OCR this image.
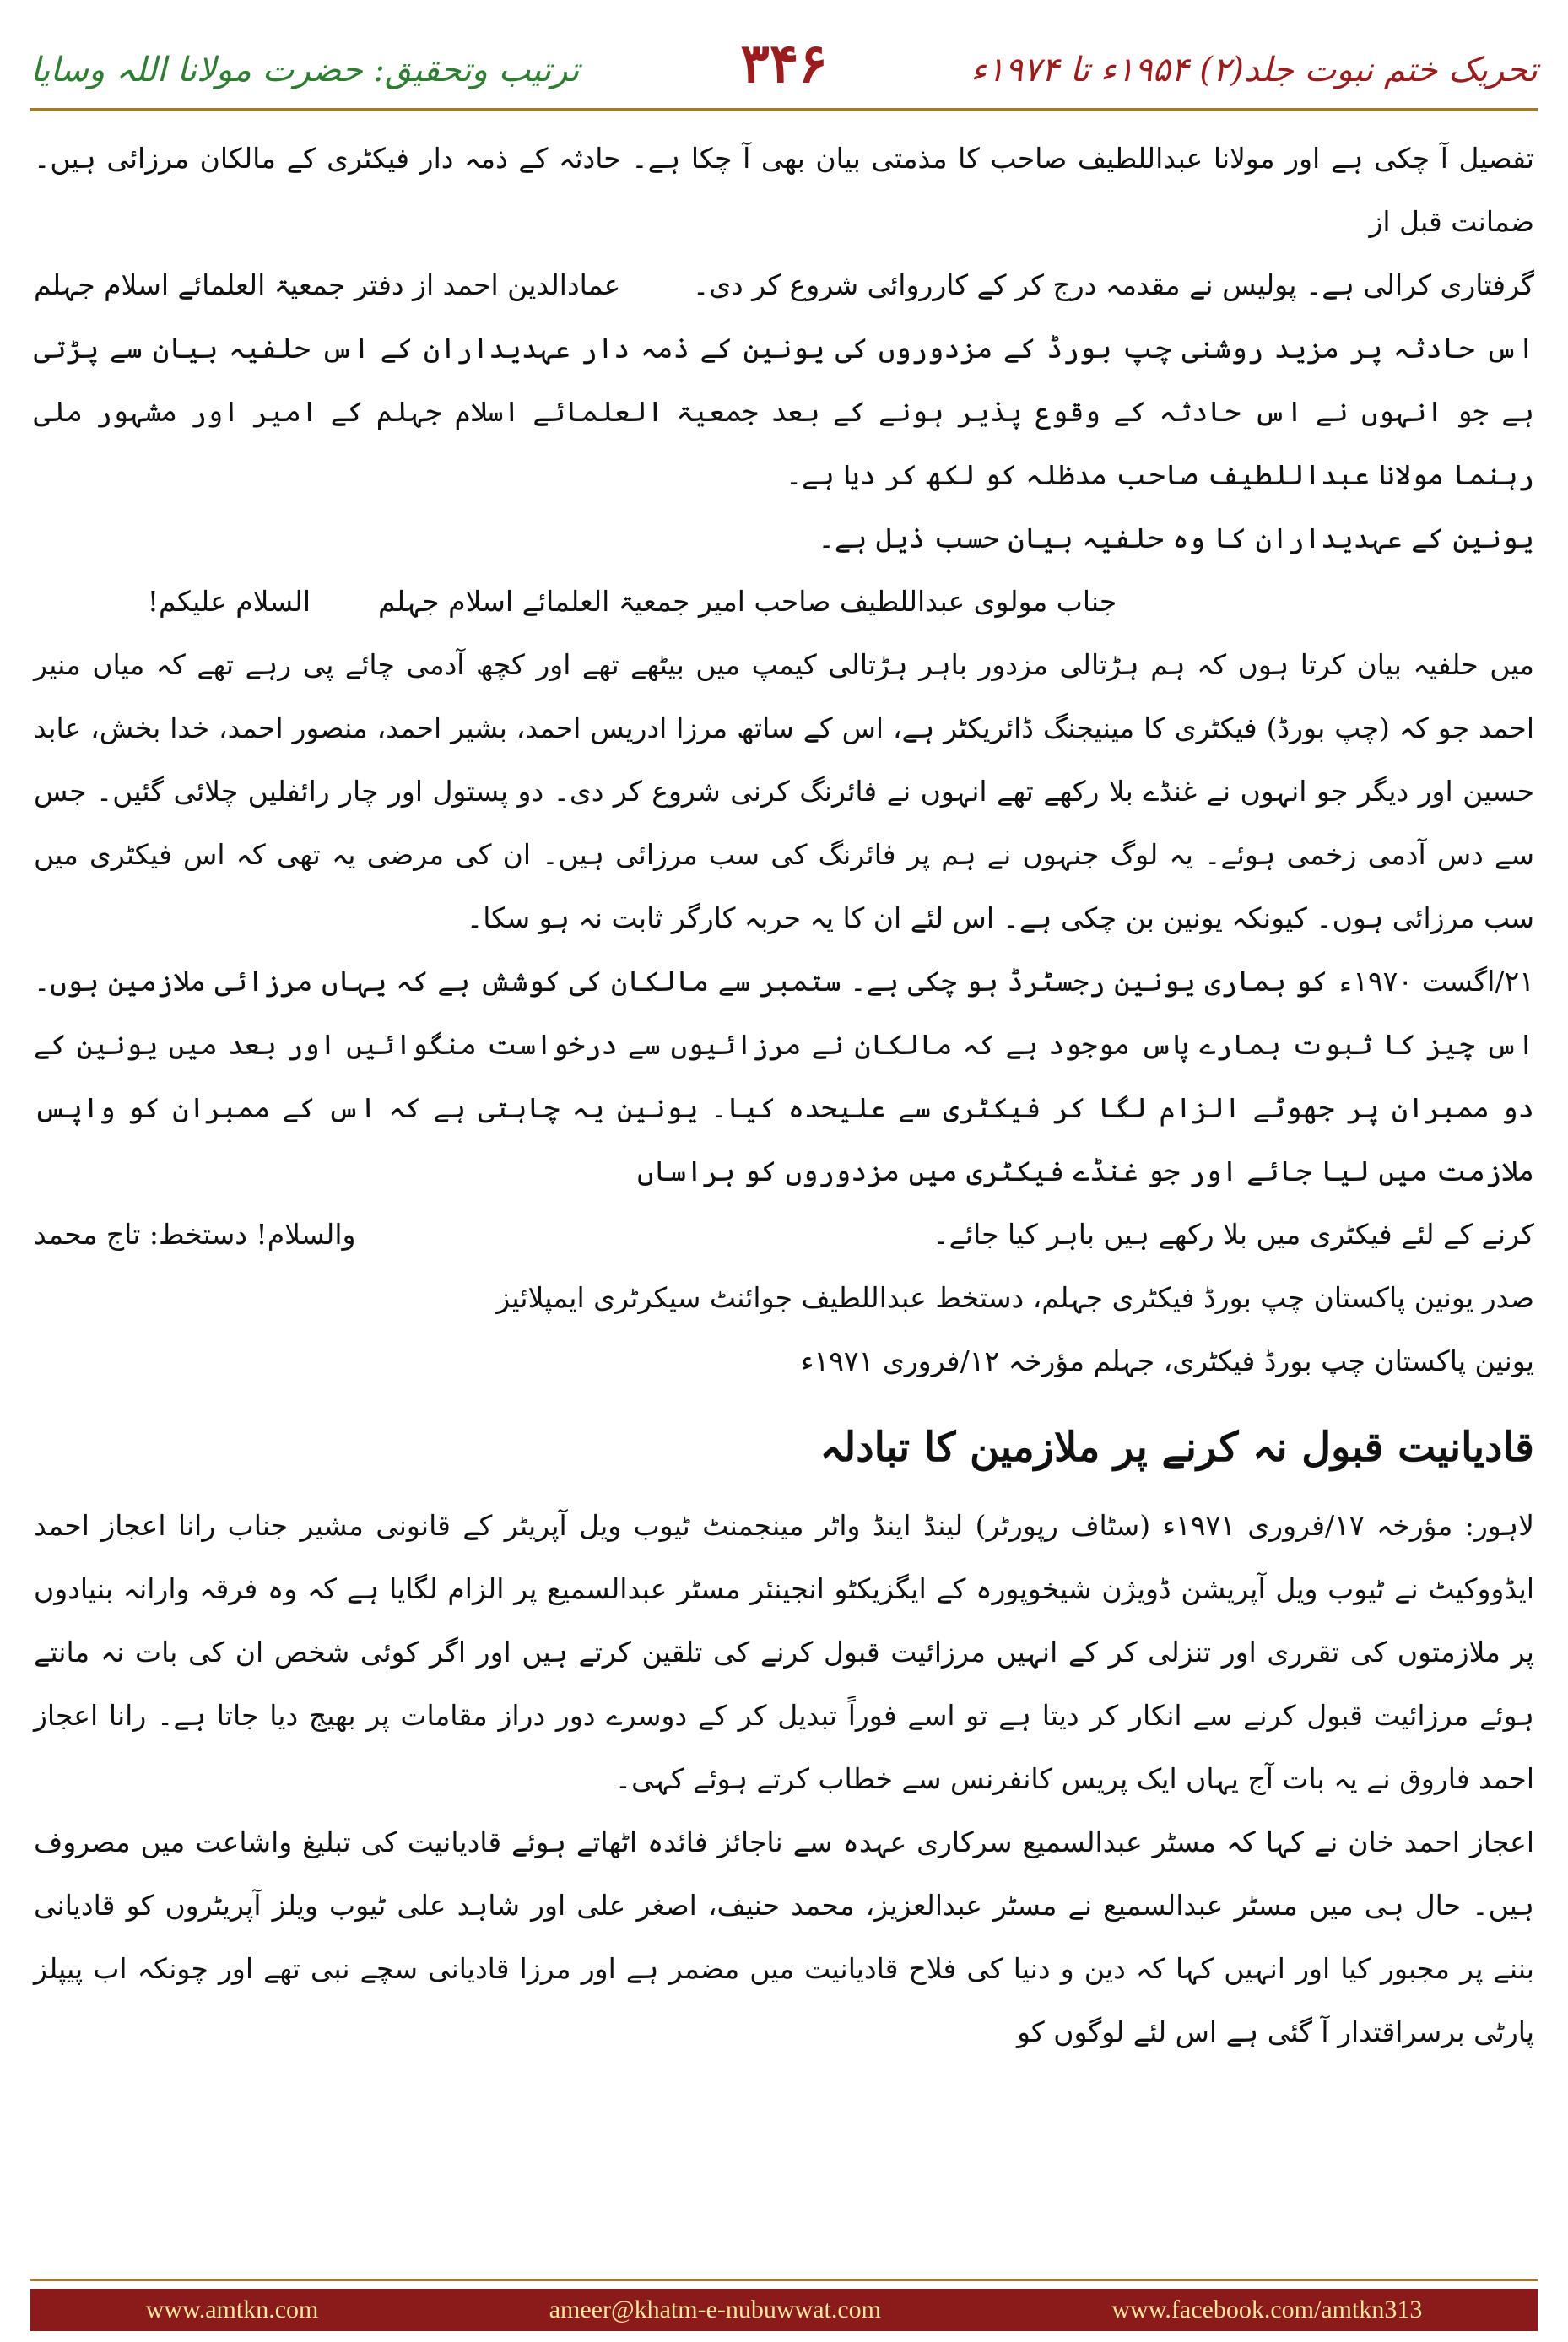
تحریک ختم نبوت جلد(۲) ۱۹۵۴ء تا ۱۹۷۴ء
۳۴۶
ترتیب وتحقیق: حضرت مولانا اللہ وسایا

تفصیل آ چکی ہے اور مولانا عبداللطیف صاحب کا مذمتی بیان بھی آ چکا ہے۔ حادثہ کے ذمہ دار فیکٹری کے مالکان مرزائی ہیں۔ ضمانت قبل از

گرفتاری کرالی ہے۔ پولیس نے مقدمہ درج کر کے کارروائی شروع کر دی۔
عمادالدین احمد از دفتر جمعیۃ العلمائے اسلام جہلم

اس حادثہ پر مزید روشنی چپ بورڈ کے مزدوروں کی یونین کے ذمہ دار عہدیداران کے اس حلفیہ بیان سے پڑتی ہے جو انہوں نے اس حادثہ کے وقوع پذیر ہونے کے بعد جمعیۃ العلمائے اسلام جہلم کے امیر اور مشہور ملی رہنما مولانا عبداللطیف صاحب مدظلہ کو لکھ کر دیا ہے۔

یونین کے عہدیداران کا وہ حلفیہ بیان حسب ذیل ہے۔

جناب مولوی عبداللطیف صاحب امیر جمعیۃ العلمائے اسلام جہلم
السلام علیکم!

میں حلفیہ بیان کرتا ہوں کہ ہم ہڑتالی مزدور باہر ہڑتالی کیمپ میں بیٹھے تھے اور کچھ آدمی چائے پی رہے تھے کہ میاں منیر احمد جو کہ (چپ بورڈ) فیکٹری کا مینیجنگ ڈائریکٹر ہے، اس کے ساتھ مرزا ادریس احمد، بشیر احمد، منصور احمد، خدا بخش، عابد حسین اور دیگر جو انہوں نے غنڈے بلا رکھے تھے انہوں نے فائرنگ کرنی شروع کر دی۔ دو پستول اور چار رائفلیں چلائی گئیں۔ جس سے دس آدمی زخمی ہوئے۔ یہ لوگ جنہوں نے ہم پر فائرنگ کی سب مرزائی ہیں۔ ان کی مرضی یہ تھی کہ اس فیکٹری میں سب مرزائی ہوں۔ کیونکہ یونین بن چکی ہے۔ اس لئے ان کا یہ حربہ کارگر ثابت نہ ہو سکا۔

۲۱/اگست ۱۹۷۰ء کو ہماری یونین رجسٹرڈ ہو چکی ہے۔ ستمبر سے مالکان کی کوشش ہے کہ یہاں مرزائی ملازمین ہوں۔ اس چیز کا ثبوت ہمارے پاس موجود ہے کہ مالکان نے مرزائیوں سے درخواست منگوائیں اور بعد میں یونین کے دو ممبران پر جھوٹے الزام لگا کر فیکٹری سے علیحدہ کیا۔ یونین یہ چاہتی ہے کہ اس کے ممبران کو واپس ملازمت میں لیا جائے اور جو غنڈے فیکٹری میں مزدوروں کو ہراساں

کرنے کے لئے فیکٹری میں بلا رکھے ہیں باہر کیا جائے۔
والسلام! دستخط: تاج محمد

صدر یونین پاکستان چپ بورڈ فیکٹری جہلم، دستخط عبداللطیف جوائنٹ سیکرٹری ایمپلائیز

یونین پاکستان چپ بورڈ فیکٹری، جہلم مؤرخہ ۱۲/فروری ۱۹۷۱ء

قادیانیت قبول نہ کرنے پر ملازمین کا تبادلہ

لاہور: مؤرخہ ۱۷/فروری ۱۹۷۱ء (سٹاف رپورٹر) لینڈ اینڈ واٹر مینجمنٹ ٹیوب ویل آپریٹر کے قانونی مشیر جناب رانا اعجاز احمد ایڈووکیٹ نے ٹیوب ویل آپریشن ڈویژن شیخوپورہ کے ایگزیکٹو انجینئر مسٹر عبدالسمیع پر الزام لگایا ہے کہ وہ فرقہ وارانہ بنیادوں پر ملازمتوں کی تقرری اور تنزلی کر کے انہیں مرزائیت قبول کرنے کی تلقین کرتے ہیں اور اگر کوئی شخص ان کی بات نہ مانتے ہوئے مرزائیت قبول کرنے سے انکار کر دیتا ہے تو اسے فوراً تبدیل کر کے دوسرے دور دراز مقامات پر بھیج دیا جاتا ہے۔ رانا اعجاز احمد فاروق نے یہ بات آج یہاں ایک پریس کانفرنس سے خطاب کرتے ہوئے کہی۔

اعجاز احمد خان نے کہا کہ مسٹر عبدالسمیع سرکاری عہدہ سے ناجائز فائدہ اٹھاتے ہوئے قادیانیت کی تبلیغ واشاعت میں مصروف ہیں۔ حال ہی میں مسٹر عبدالسمیع نے مسٹر عبدالعزیز، محمد حنیف، اصغر علی اور شاہد علی ٹیوب ویلز آپریٹروں کو قادیانی بننے پر مجبور کیا اور انہیں کہا کہ دین و دنیا کی فلاح قادیانیت میں مضمر ہے اور مرزا قادیانی سچے نبی تھے اور چونکہ اب پیپلز پارٹی برسراقتدار آ گئی ہے اس لئے لوگوں کو

www.amtkn.com	ameer@khatm-e-nubuwwat.com	www.facebook.com/amtkn313
